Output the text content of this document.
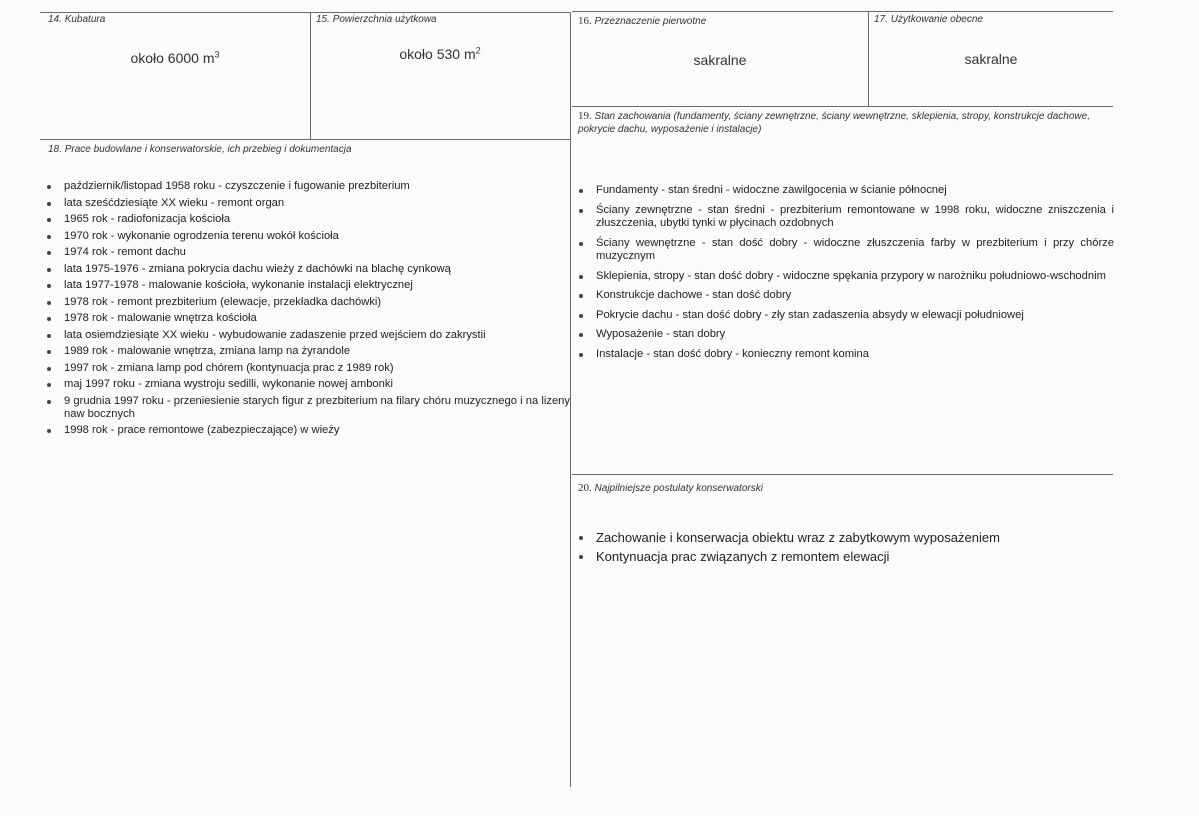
14. Kubatura
około 6000 $m^3$
15. Powierzchnia użytkowa
około 530 $m^2$
16. Przeznaczenie pierwotne
sakralne
17. Użytkowanie obecne
sakralne
18. Prace budowlane i konserwatorskie, ich przebieg i dokumentacja
październik/listopad 1958 roku - czyszczenie i fugowanie prezbiterium
lata sześćdziesiąte XX wieku - remont organ
1965 rok - radiofonizacja kościoła
1970 rok - wykonanie ogrodzenia terenu wokół kościoła
1974 rok - remont dachu
lata 1975-1976 - zmiana pokrycia dachu wieży z dachówki na blachę cynkową
lata 1977-1978 - malowanie kościoła, wykonanie instalacji elektrycznej
1978 rok - remont prezbiterium (elewacje, przekładka dachówki)
1978 rok - malowanie wnętrza kościoła
lata osiemdziesiąte XX wieku - wybudowanie zadaszenie przed wejściem do zakrystii
1989 rok - malowanie wnętrza, zmiana lamp na żyrandole
1997 rok - zmiana lamp pod chórem (kontynuacja prac z 1989 rok)
maj 1997 roku - zmiana wystroju sedilli, wykonanie nowej ambonki
9 grudnia 1997 roku - przeniesienie starych figur z prezbiterium na filary chóru muzycznego i na lizeny naw bocznych
1998 rok - prace remontowe (zabezpieczające) w wieży
19. Stan zachowania (fundamenty, ściany zewnętrzne, ściany wewnętrzne, sklepienia, stropy, konstrukcje dachowe, pokrycie dachu, wyposażenie i instalacje)
Fundamenty - stan średni - widoczne zawilgocenia w ścianie północnej
Ściany zewnętrzne - stan średni - prezbiterium remontowane w 1998 roku, widoczne zniszczenia i złuszczenia, ubytki tynki w płycinach ozdobnych
Ściany wewnętrzne - stan dość dobry - widoczne złuszczenia farby w prezbiterium i przy chórze muzycznym
Sklepienia, stropy - stan dość dobry - widoczne spękania przypory w narożniku południowo-wschodnim
Konstrukcje dachowe - stan dość dobry
Pokrycie dachu - stan dość dobry - zły stan zadaszenia absydy w elewacji południowej
Wyposażenie - stan dobry
Instalacje - stan dość dobry - konieczny remont komina
20. Najpilniejsze postulaty konserwatorski
Zachowanie i konserwacja obiektu wraz z zabytkowym wyposażeniem
Kontynuacja prac związanych z remontem elewacji
